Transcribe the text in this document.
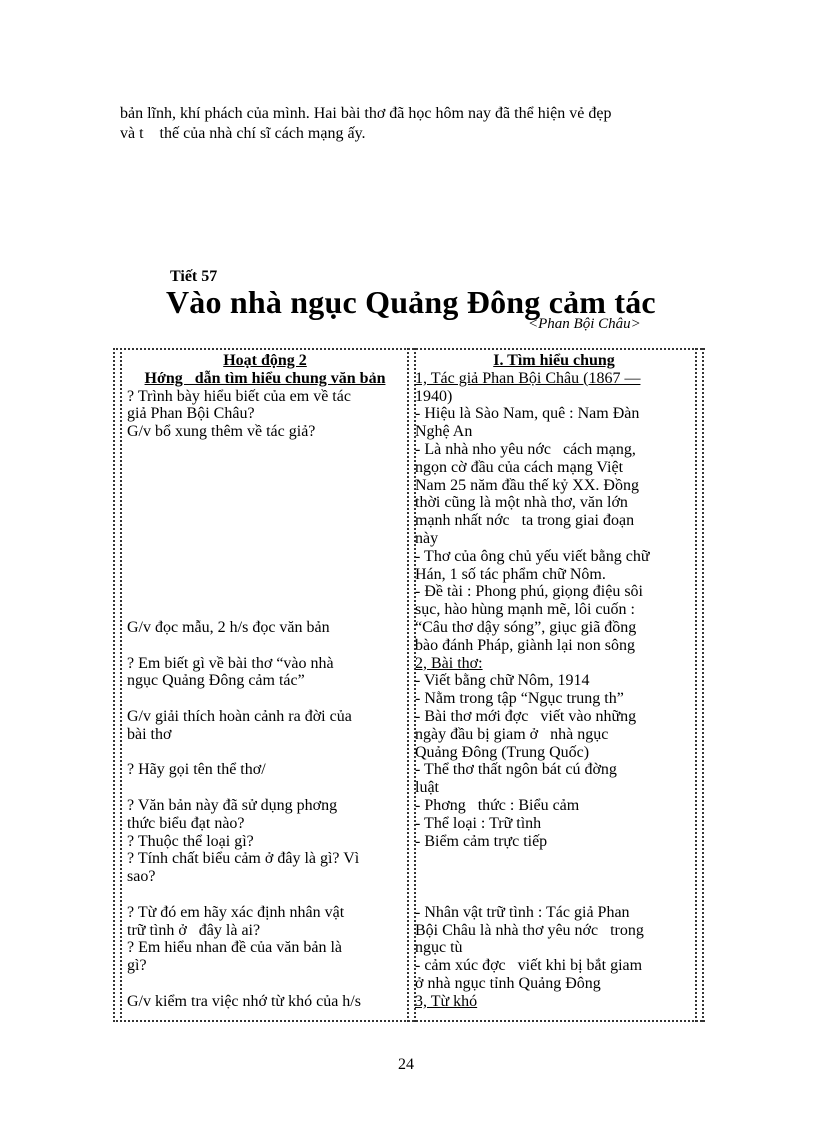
bản lĩnh, khí phách của mình. Hai bài thơ đã học hôm nay đã thể hiện vẻ đẹp
và t    thế của nhà chí sĩ cách mạng ấy.
Tiết 57
Vào nhà ngục Quảng Đông cảm tác
<Phan Bội Châu>

Hoạt động 2

Hớng   dẫn tìm hiểu chung văn bản

? Trình bày hiểu biết của em về tác

giả Phan Bội Châu?

G/v bổ xung thêm về tác giả?

G/v đọc mẫu, 2 h/s đọc văn bản

? Em biết gì về bài thơ “vào nhà

ngục Quảng Đông cảm tác”

G/v giải thích hoàn cảnh ra đời của

bài thơ

? Hãy gọi tên thể thơ/

? Văn bản này đã sử dụng phơng

thức biểu đạt nào?

? Thuộc thể loại gì?

? Tính chất biểu cảm ở đây là gì? Vì

sao?

? Từ đó em hãy xác định nhân vật

trữ tình ở   đây là ai?

? Em hiểu nhan đề của văn bản là

gì?

G/v kiểm tra việc nhớ từ khó của h/s

I. Tìm hiểu chung

1, Tác giả Phan Bội Châu (1867 —

1940)

- Hiệu là Sào Nam, quê : Nam Đàn

Nghệ An

- Là nhà nho yêu nớc   cách mạng,

ngọn cờ đầu của cách mạng Việt

Nam 25 năm đầu thế kỷ XX. Đồng

thời cũng là một nhà thơ, văn lớn

mạnh nhất nớc   ta trong giai đoạn

này

- Thơ của ông chủ yếu viết bằng chữ

Hán, 1 số tác phẩm chữ Nôm.

- Đề tài : Phong phú, giọng điệu sôi

sục, hào hùng mạnh mẽ, lôi cuốn :

“Câu thơ dậy sóng”, giục giã đồng

bào đánh Pháp, giành lại non sông

2, Bài thơ:

- Viết bằng chữ Nôm, 1914

- Nằm trong tập “Ngục trung th”

- Bài thơ mới đợc   viết vào những

ngày đầu bị giam ở   nhà ngục

Quảng Đông (Trung Quốc)

- Thể thơ thất ngôn bát cú đờng

luật

- Phơng   thức : Biểu cảm

- Thể loại : Trữ tình

- Biểm cảm trực tiếp

- Nhân vật trữ tình : Tác giả Phan

Bội Châu là nhà thơ yêu nớc   trong

ngục tù

- cảm xúc đợc   viết khi bị bắt giam

ở nhà ngục tỉnh Quảng Đông

3, Từ khó

24
